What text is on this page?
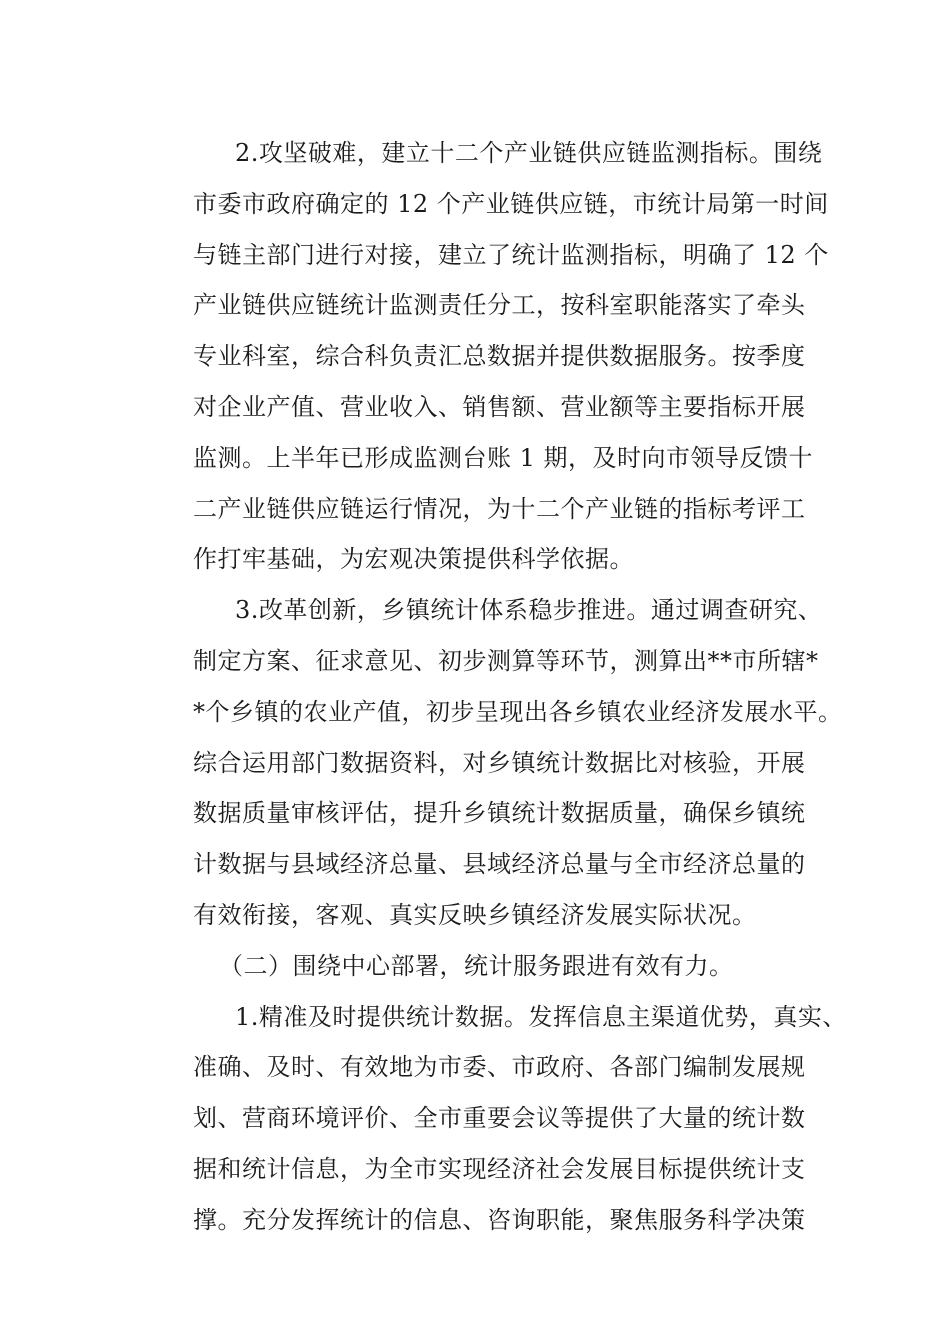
2.攻坚破难，建立十二个产业链供应链监测指标。围绕
市委市政府确定的 12 个产业链供应链，市统计局第一时间
与链主部门进行对接，建立了统计监测指标，明确了 12 个
产业链供应链统计监测责任分工，按科室职能落实了牵头
专业科室，综合科负责汇总数据并提供数据服务。按季度
对企业产值、营业收入、销售额、营业额等主要指标开展
监测。上半年已形成监测台账 1 期，及时向市领导反馈十
二产业链供应链运行情况，为十二个产业链的指标考评工
作打牢基础，为宏观决策提供科学依据。
3.改革创新，乡镇统计体系稳步推进。通过调查研究、
制定方案、征求意见、初步测算等环节，测算出**市所辖*
*个乡镇的农业产值，初步呈现出各乡镇农业经济发展水平。
综合运用部门数据资料，对乡镇统计数据比对核验，开展
数据质量审核评估，提升乡镇统计数据质量，确保乡镇统
计数据与县域经济总量、县域经济总量与全市经济总量的
有效衔接，客观、真实反映乡镇经济发展实际状况。
（二）围绕中心部署，统计服务跟进有效有力。
1.精准及时提供统计数据。发挥信息主渠道优势，真实、
准确、及时、有效地为市委、市政府、各部门编制发展规
划、营商环境评价、全市重要会议等提供了大量的统计数
据和统计信息，为全市实现经济社会发展目标提供统计支
撑。充分发挥统计的信息、咨询职能，聚焦服务科学决策
